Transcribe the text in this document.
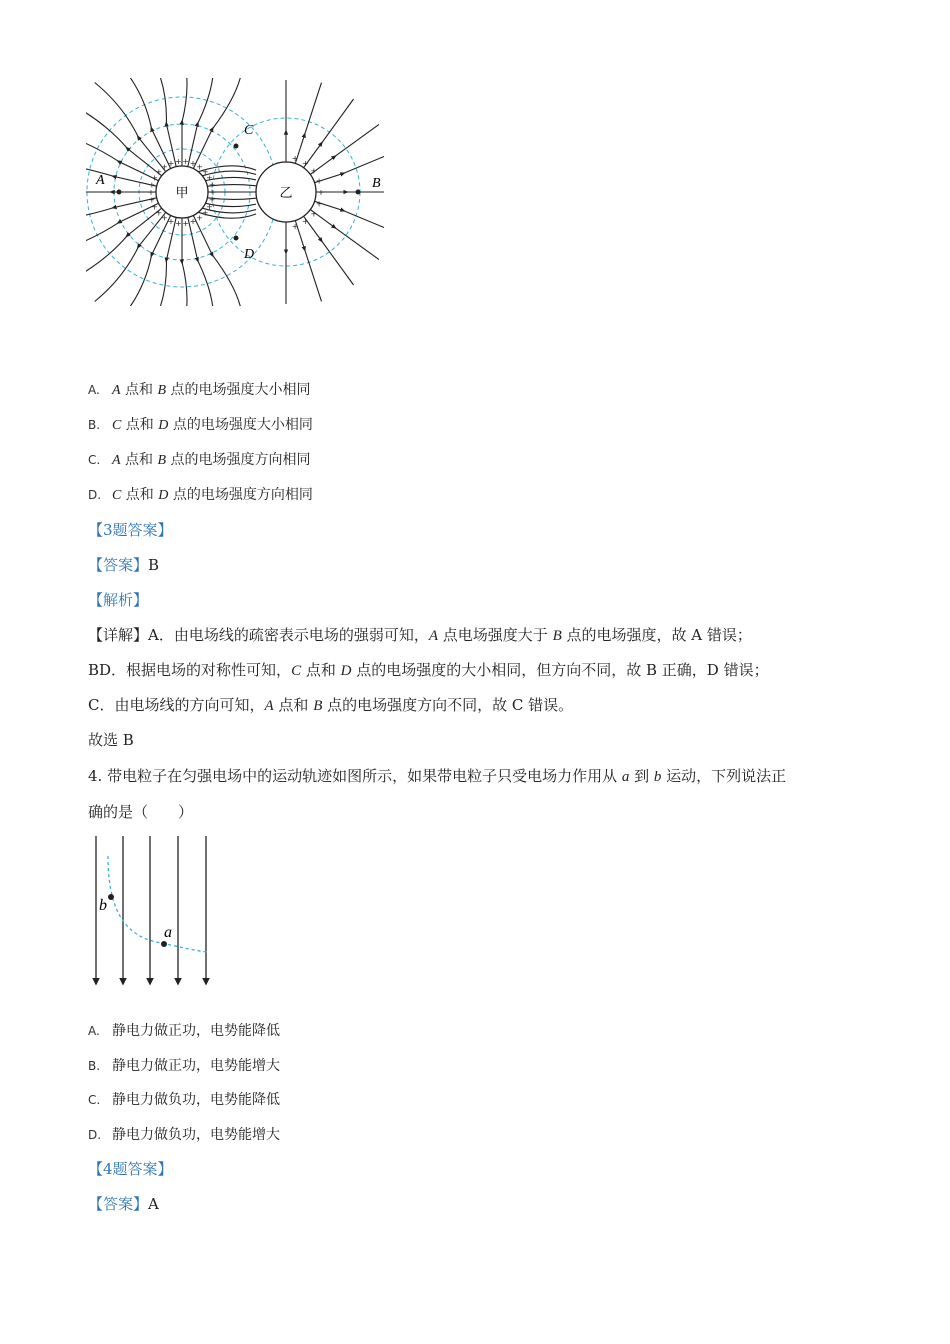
+
+
+
+
+
+
+
+
+
+
+
+
+
+
+
+
+
+ + + + + +
+
+
+
+
+
+
+
+
+
+
+
+
甲	乙
A	B
C
D
A. A 点和 B 点的电场强度大小相同
B. C 点和 D 点的电场强度大小相同
C. A 点和 B 点的电场强度方向相同
D. C 点和 D 点的电场强度方向相同
【3题答案】
【答案】B
【解析】
【详解】A．由电场线的疏密表示电场的强弱可知，A 点电场强度大于 B 点的电场强度，故 A 错误；
BD．根据电场的对称性可知，C 点和 D 点的电场强度的大小相同，但方向不同，故 B 正确，D 错误；
C．由电场线的方向可知，A 点和 B 点的电场强度方向不同，故 C 错误。
故选 B
4. 带电粒子在匀强电场中的运动轨迹如图所示，如果带电粒子只受电场力作用从 a 到 b 运动，下列说法正
确的是（　　）
b
a
A. 静电力做正功，电势能降低
B. 静电力做正功，电势能增大
C. 静电力做负功，电势能降低
D. 静电力做负功，电势能增大
【4题答案】
【答案】A
